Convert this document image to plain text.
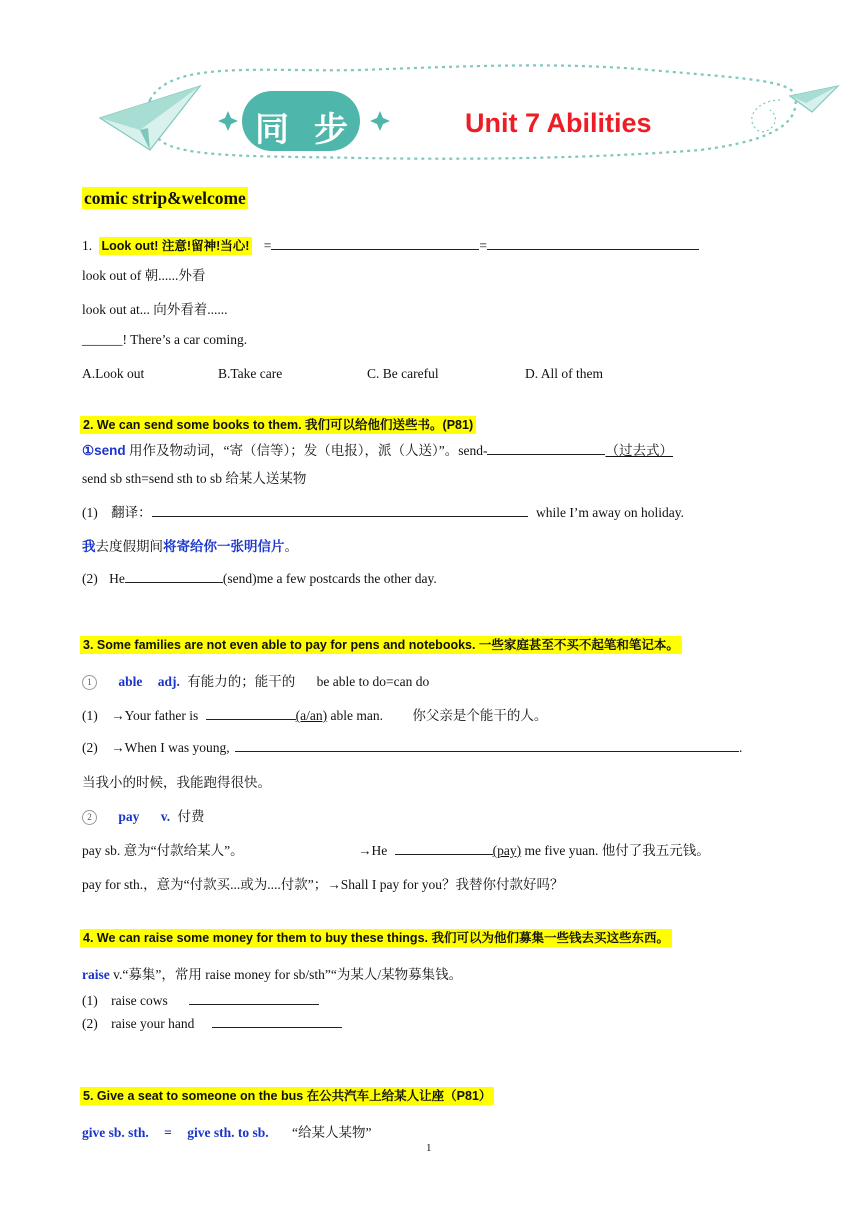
同 步	Unit 7 Abilities
comic strip&welcome
1. Look out! 注意!留神!当心! =	=
look out of 朝......外看
look out at... 向外看着......
______! There’s a car coming.
A.Look out	B.Take care	C. Be careful	D. All of them
2. We can send some books to them. 我们可以给他们送些书。(P81)
①send 用作及物动词，“寄（信等）；发（电报），派（人送）”。send-	（过去式）
send sb sth=send sth to sb 给某人送某物
(1) 翻译：	while I’m away on holiday.
我去度假期间将寄给你一张明信片。
(2) He	(send)me a few postcards the other day.
3. Some families are not even able to pay for pens and notebooks. 一些家庭甚至不买不起笔和笔记本。
1 able adj. 有能力的；能干的 be able to do=can do
(1) →Your father is	(a/an) able man. 你父亲是个能干的人。
(2) →When I was young,	.
当我小的时候，我能跑得很快。
2 pay v. 付费
pay sb. 意为“付款给某人”。	→He	(pay) me five yuan. 他付了我五元钱。
pay for sth.，意为“付款买...或为....付款”；→Shall I pay for you？我替你付款好吗？
4. We can raise some money for them to buy these things. 我们可以为他们募集一些钱去买这些东西。
raise v.“募集”，常用 raise money for sb/sth”“为某人/某物募集钱。
(1) raise cows
(2) raise your hand
5. Give a seat to someone on the bus 在公共汽车上给某人让座（P81）
give sb. sth. = give sth. to sb. “给某人某物”
1
